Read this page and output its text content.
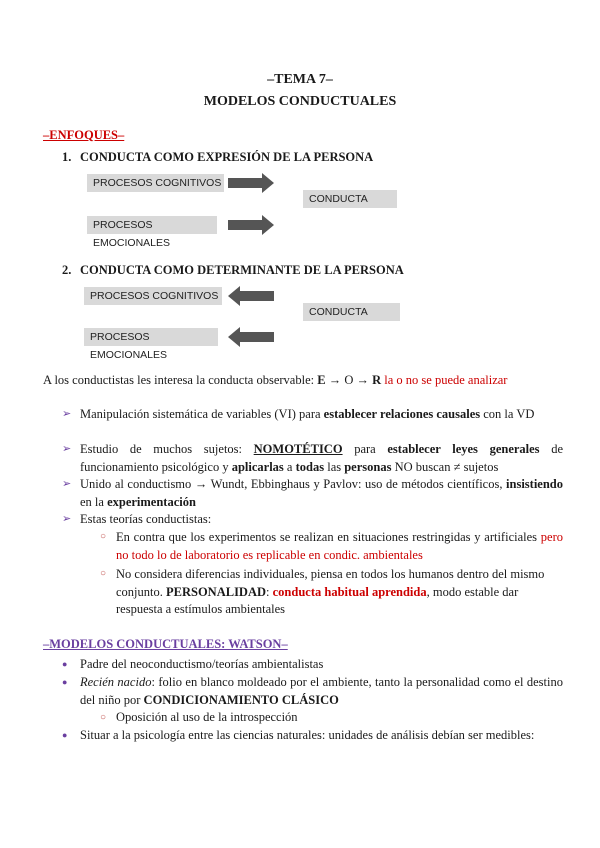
–TEMA 7–
MODELOS CONDUCTUALES
–ENFOQUES–
1. CONDUCTA COMO EXPRESIÓN DE LA PERSONA
PROCESOS COGNITIVOS
CONDUCTA
PROCESOS EMOCIONALES
2. CONDUCTA COMO DETERMINANTE DE LA PERSONA
PROCESOS COGNITIVOS
CONDUCTA
PROCESOS EMOCIONALES
A los conductistas les interesa la conducta observable: E → O → R la o no se puede analizar
➢ Manipulación sistemática de variables (VI) para establecer relaciones causales con la VD
➢ Estudio de muchos sujetos: NOMOTÉTICO para establecer leyes generales de funcionamiento psicológico y aplicarlas a todas las personas NO buscan ≠ sujetos
➢ Unido al conductismo → Wundt, Ebbinghaus y Pavlov: uso de métodos científicos, insistiendo en la experimentación
➢ Estas teorías conductistas:
○ En contra que los experimentos se realizan en situaciones restringidas y artificiales pero no todo lo de laboratorio es replicable en condic. ambientales
○ No considera diferencias individuales, piensa en todos los humanos dentro del mismo conjunto. PERSONALIDAD: conducta habitual aprendida, modo estable dar respuesta a estímulos ambientales
–MODELOS CONDUCTUALES: WATSON–
● Padre del neoconductismo/teorías ambientalistas
● Recién nacido: folio en blanco moldeado por el ambiente, tanto la personalidad como el destino del niño por CONDICIONAMIENTO CLÁSICO
○ Oposición al uso de la introspección
● Situar a la psicología entre las ciencias naturales: unidades de análisis debían ser medibles:
